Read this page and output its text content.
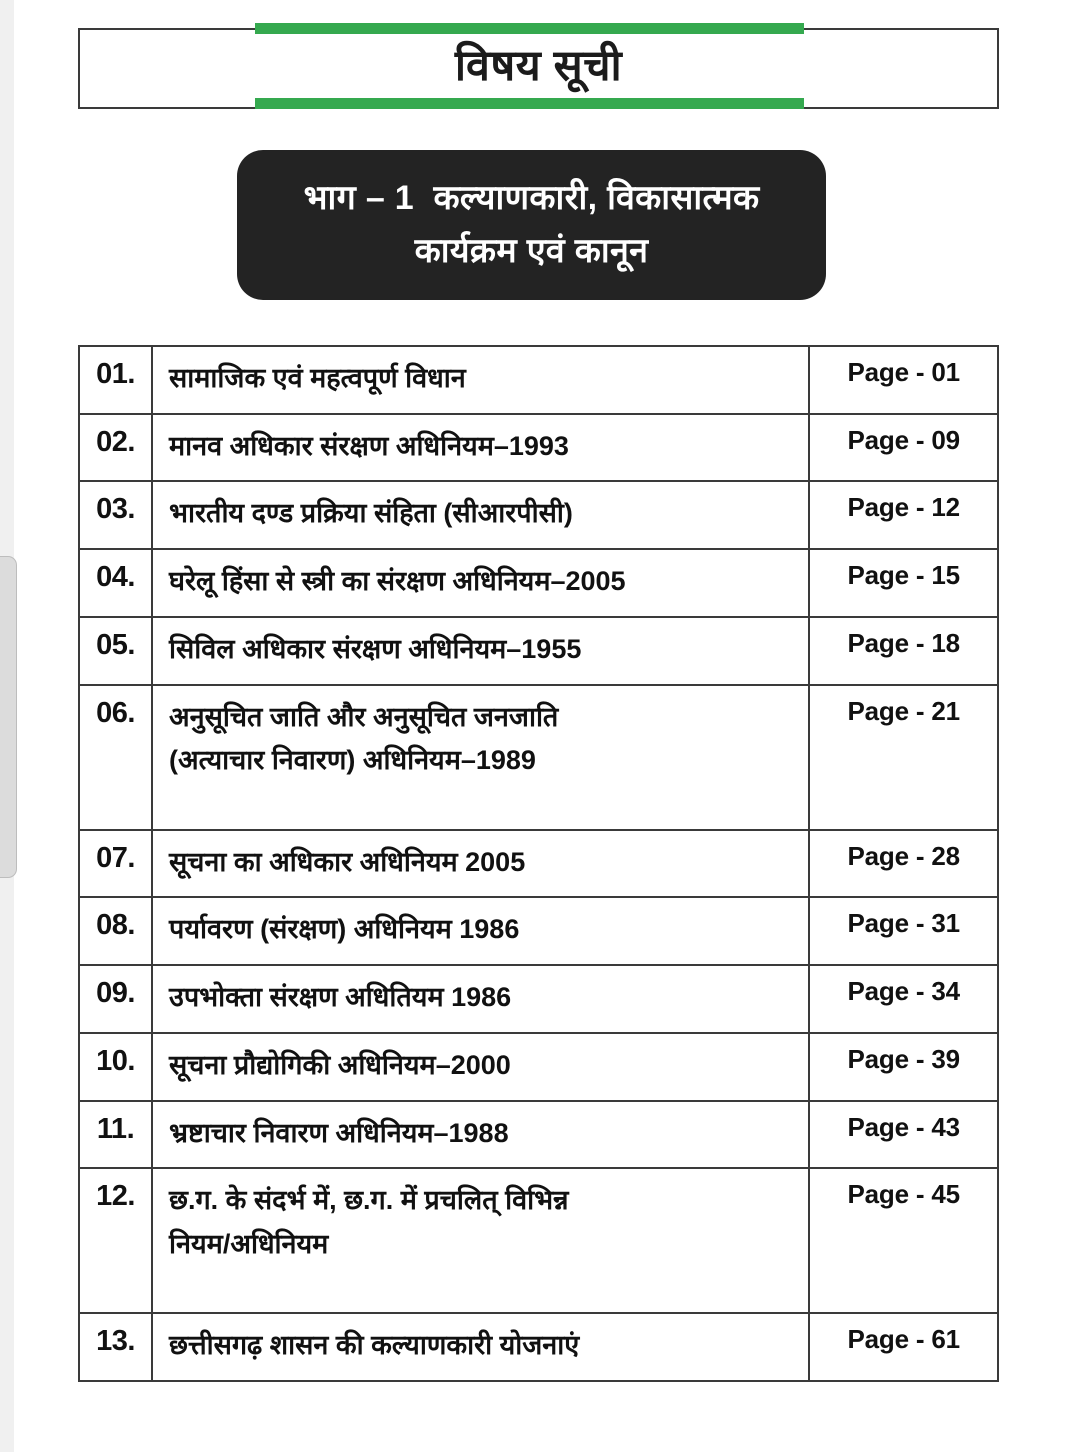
विषय सूची
भाग – 1  कल्याणकारी, विकासात्मक
कार्यक्रम एवं कानून
01.	सामाजिक एवं महत्वपूर्ण विधान	Page - 01
02.	मानव अधिकार संरक्षण अधिनियम–1993	Page - 09
03.	भारतीय दण्ड प्रक्रिया संहिता (सीआरपीसी)	Page - 12
04.	घरेलू हिंसा से स्त्री का संरक्षण अधिनियम–2005	Page - 15
05.	सिविल अधिकार संरक्षण अधिनियम–1955	Page - 18
06.	अनुसूचित जाति और अनुसूचित जनजाति
(अत्याचार निवारण) अधिनियम–1989	Page - 21
07.	सूचना का अधिकार अधिनियम 2005	Page - 28
08.	पर्यावरण (संरक्षण) अधिनियम 1986	Page - 31
09.	उपभोक्ता संरक्षण अधितियम 1986	Page - 34
10.	सूचना प्रौद्योगिकी अधिनियम–2000	Page - 39
11.	भ्रष्टाचार निवारण अधिनियम–1988	Page - 43
12.	छ.ग. के संदर्भ में, छ.ग. में प्रचलित् विभिन्न
नियम/अधिनियम	Page - 45
13.	छत्तीसगढ़ शासन की कल्याणकारी योजनाएं	Page - 61
